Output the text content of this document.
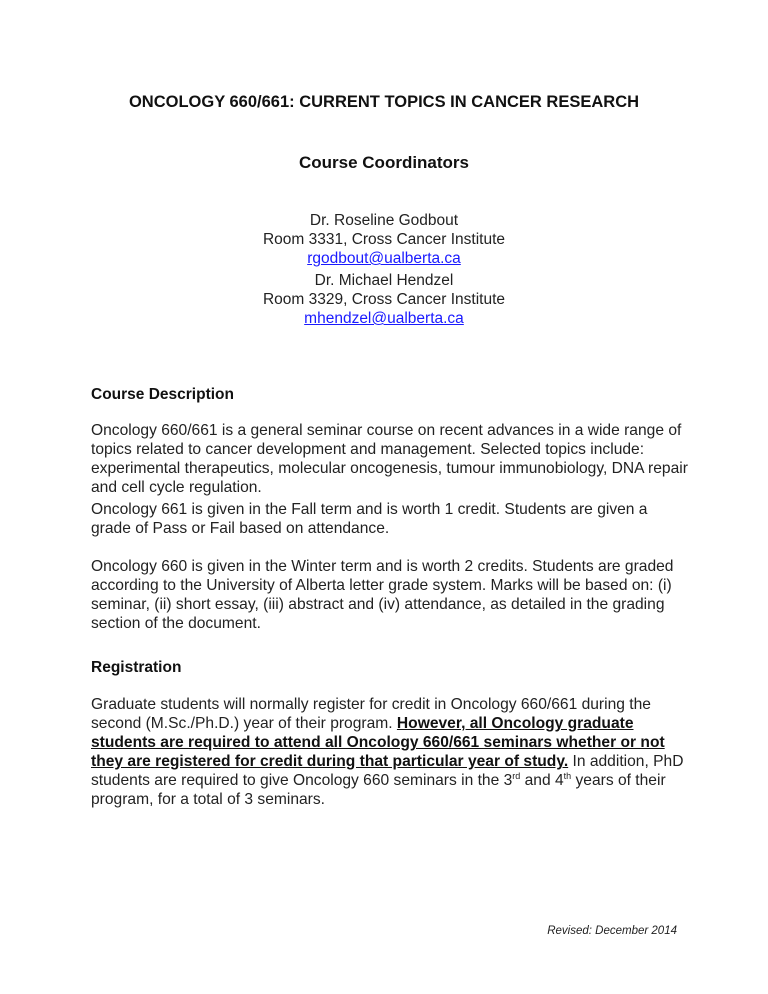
ONCOLOGY 660/661: CURRENT TOPICS IN CANCER RESEARCH
Course Coordinators
Dr. Roseline Godbout
Room 3331, Cross Cancer Institute
rgodbout@ualberta.ca
Dr. Michael Hendzel
Room 3329, Cross Cancer Institute
mhendzel@ualberta.ca
Course Description

Oncology 660/661 is a general seminar course on recent advances in a wide range of topics related to cancer development and management. Selected topics include: experimental therapeutics, molecular oncogenesis, tumour immunobiology, DNA repair and cell cycle regulation.

Oncology 661 is given in the Fall term and is worth 1 credit. Students are given a grade of Pass or Fail based on attendance.

Oncology 660 is given in the Winter term and is worth 2 credits. Students are graded according to the University of Alberta letter grade system. Marks will be based on: (i) seminar, (ii) short essay, (iii) abstract and (iv) attendance, as detailed in the grading section of the document.

Registration

Graduate students will normally register for credit in Oncology 660/661 during the second (M.Sc./Ph.D.) year of their program. However, all Oncology graduate students are required to attend all Oncology 660/661 seminars whether or not they are registered for credit during that particular year of study. In addition, PhD students are required to give Oncology 660 seminars in the 3rd and 4th years of their program, for a total of 3 seminars.

Revised: December 2014
